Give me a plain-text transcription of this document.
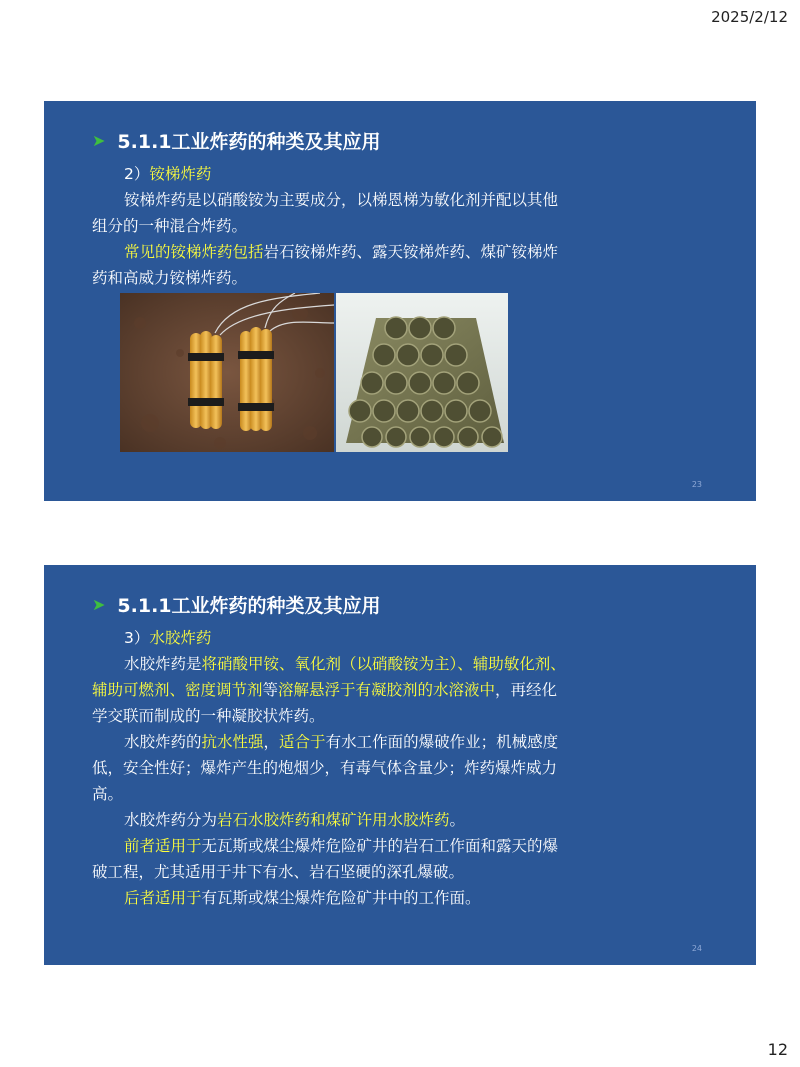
2025/2/12
➤ 5.1.1工业炸药的种类及其应用

2）铵梯炸药

铵梯炸药是以硝酸铵为主要成分，以梯恩梯为敏化剂并配以其他组分的一种混合炸药。

常见的铵梯炸药包括岩石铵梯炸药、露天铵梯炸药、煤矿铵梯炸药和高威力铵梯炸药。

23
➤ 5.1.1工业炸药的种类及其应用

3）水胶炸药

水胶炸药是将硝酸甲铵、氧化剂（以硝酸铵为主）、辅助敏化剂、辅助可燃剂、密度调节剂等溶解悬浮于有凝胶剂的水溶液中，再经化学交联而制成的一种凝胶状炸药。

水胶炸药的抗水性强，适合于有水工作面的爆破作业；机械感度低，安全性好；爆炸产生的炮烟少，有毒气体含量少；炸药爆炸威力高。

水胶炸药分为岩石水胶炸药和煤矿许用水胶炸药。

前者适用于无瓦斯或煤尘爆炸危险矿井的岩石工作面和露天的爆破工程，尤其适用于井下有水、岩石坚硬的深孔爆破。

后者适用于有瓦斯或煤尘爆炸危险矿井中的工作面。

24
12
